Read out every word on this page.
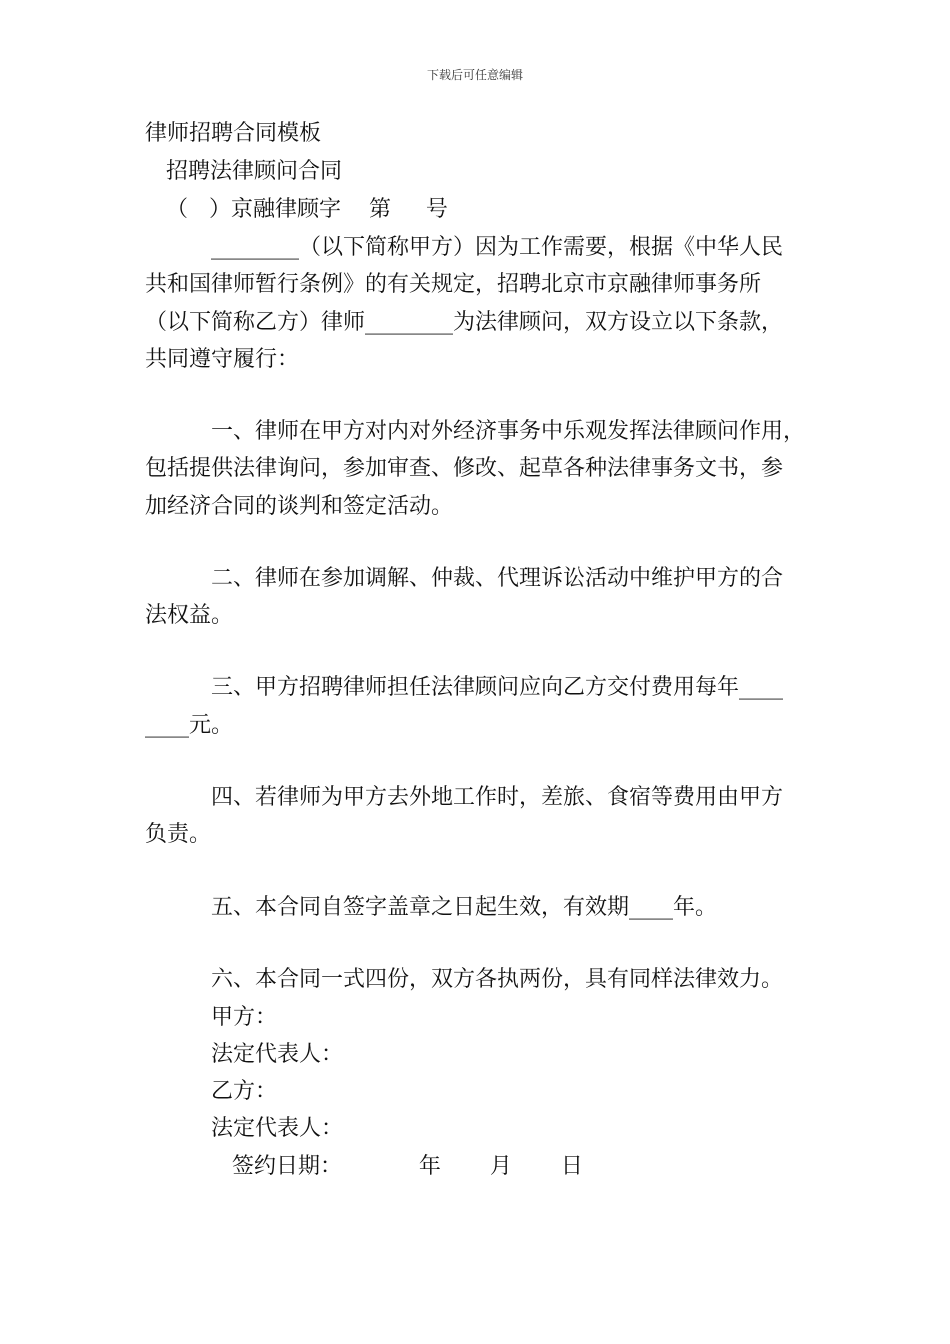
下载后可任意编辑

律师招聘合同模板

招聘法律顾问合同

（   ）京融律顾字    第     号

________（以下简称甲方）因为工作需要，根据《中华人民

共和国律师暂行条例》的有关规定，招聘北京市京融律师事务所

（以下简称乙方）律师________为法律顾问，双方设立以下条款，

共同遵守履行：

一、律师在甲方对内对外经济事务中乐观发挥法律顾问作用，

包括提供法律询问，参加审查、修改、起草各种法律事务文书，参

加经济合同的谈判和签定活动。

二、律师在参加调解、仲裁、代理诉讼活动中维护甲方的合

法权益。

三、甲方招聘律师担任法律顾问应向乙方交付费用每年____

____元。

四、若律师为甲方去外地工作时，差旅、食宿等费用由甲方

负责。

五、本合同自签字盖章之日起生效，有效期____年。

六、本合同一式四份，双方各执两份，具有同样法律效力。

甲方：

法定代表人：

乙方：

法定代表人：

签约日期：           年       月       日
